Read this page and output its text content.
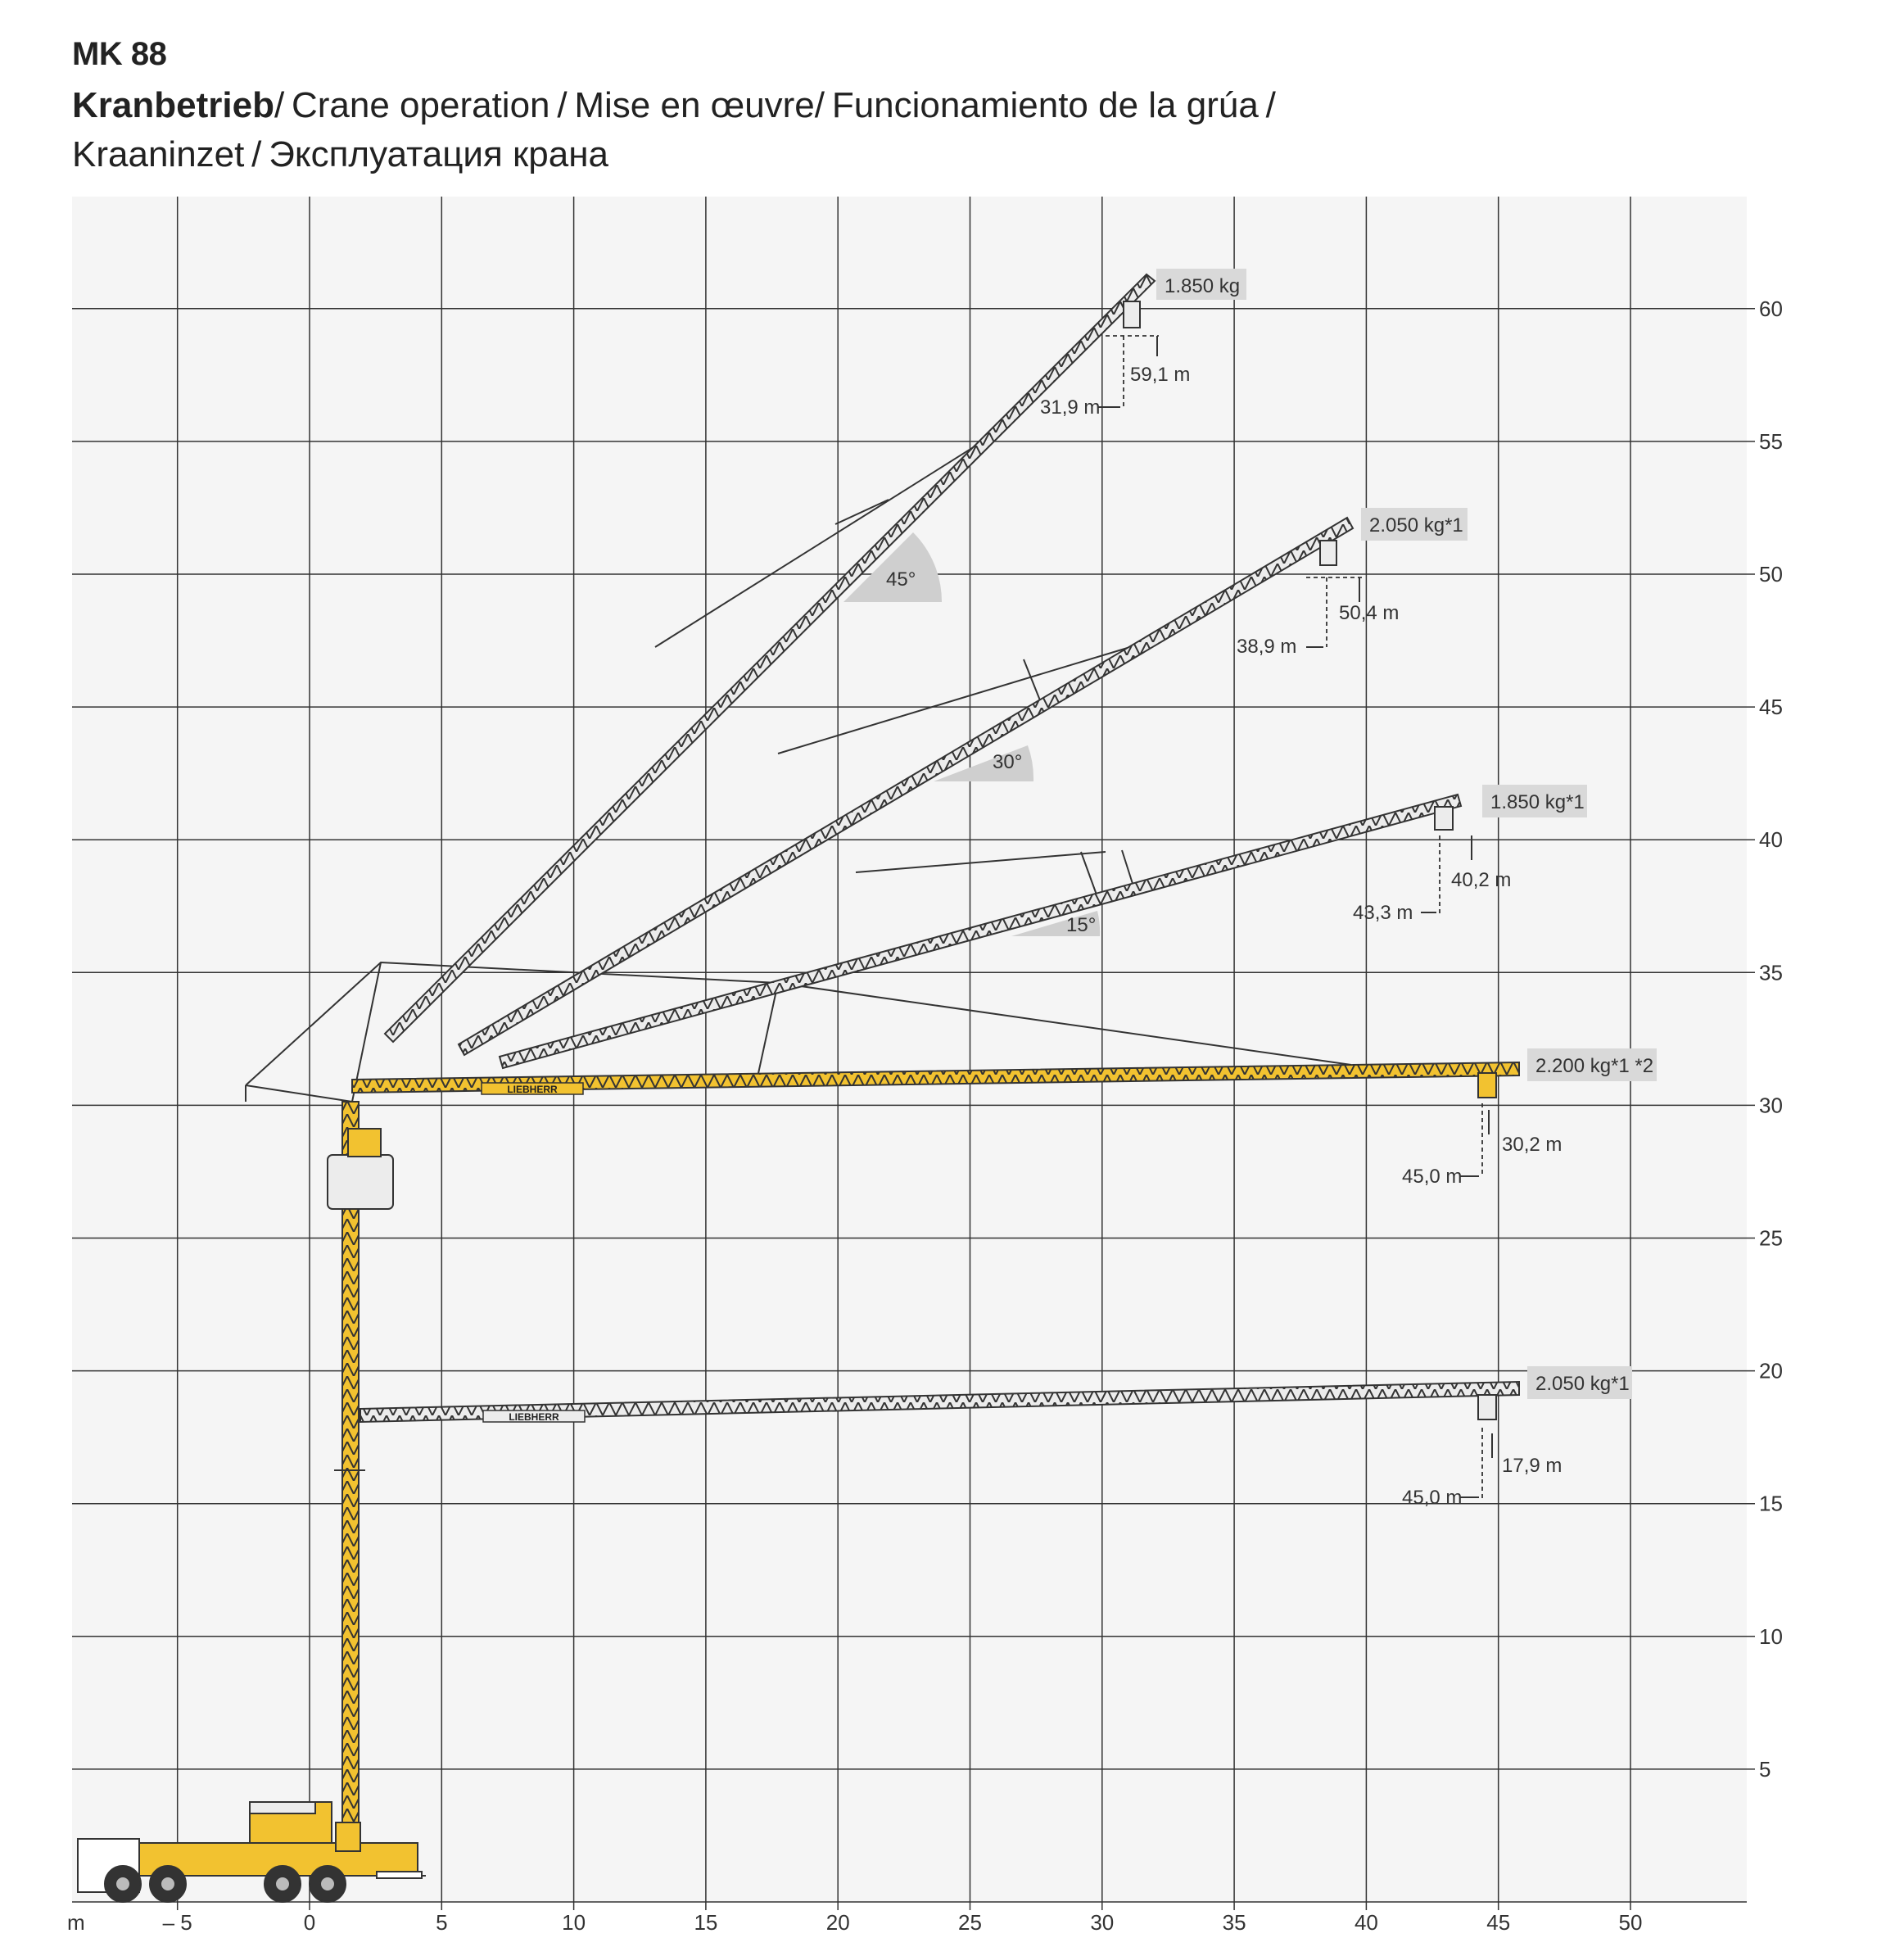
MK 88
Kranbetrieb/ Crane operation / Mise en œuvre/ Funcionamiento de la grúa /
Kraaninzet / Эксплуатация крана
5
10
15
20
25
30
35
40
45
50
55
60
– 5	0	5	10	15	20	25	30	35	40	45	50
m
45°
30°
15°
LIEBHERR
LIEBHERR
1.850 kg
2.050 kg*1
1.850 kg*1
2.200 kg*1 *2
2.050 kg*1
31,9 m
59,1 m
38,9 m
50,4 m
43,3 m
40,2 m
45,0 m
30,2 m
45,0 m
17,9 m
